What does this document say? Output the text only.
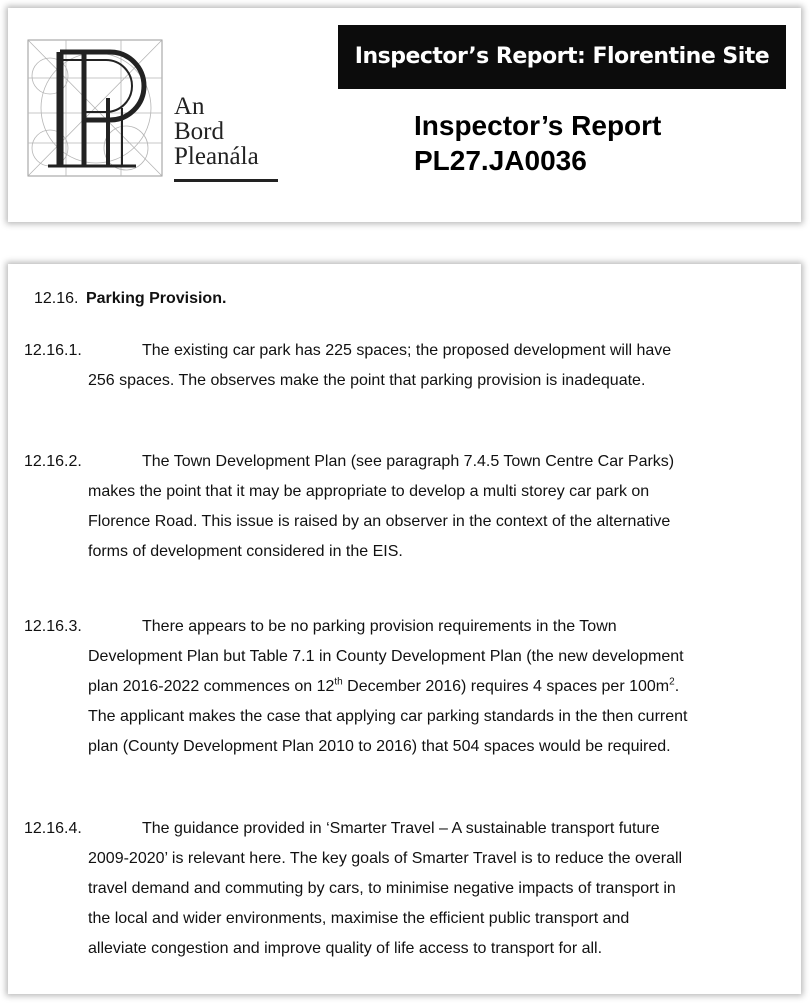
An
Bord
Pleanála
Inspector’s Report: Florentine Site
Inspector’s Report
PL27.JA0036
12.16. Parking Provision.
12.16.1.	The existing car park has 225 spaces; the proposed development will have
256 spaces. The observes make the point that parking provision is inadequate.
12.16.2.	The Town Development Plan (see paragraph 7.4.5 Town Centre Car Parks)
makes the point that it may be appropriate to develop a multi storey car park on
Florence Road. This issue is raised by an observer in the context of the alternative
forms of development considered in the EIS.
12.16.3.	There appears to be no parking provision requirements in the Town
Development Plan but Table 7.1 in County Development Plan (the new development
plan 2016-2022 commences on 12th December 2016) requires 4 spaces per $100m^2$.
The applicant makes the case that applying car parking standards in the then current
plan (County Development Plan 2010 to 2016) that 504 spaces would be required.
12.16.4.	The guidance provided in ‘Smarter Travel – A sustainable transport future
2009-2020’ is relevant here. The key goals of Smarter Travel is to reduce the overall
travel demand and commuting by cars, to minimise negative impacts of transport in
the local and wider environments, maximise the efficient public transport and
alleviate congestion and improve quality of life access to transport for all.
